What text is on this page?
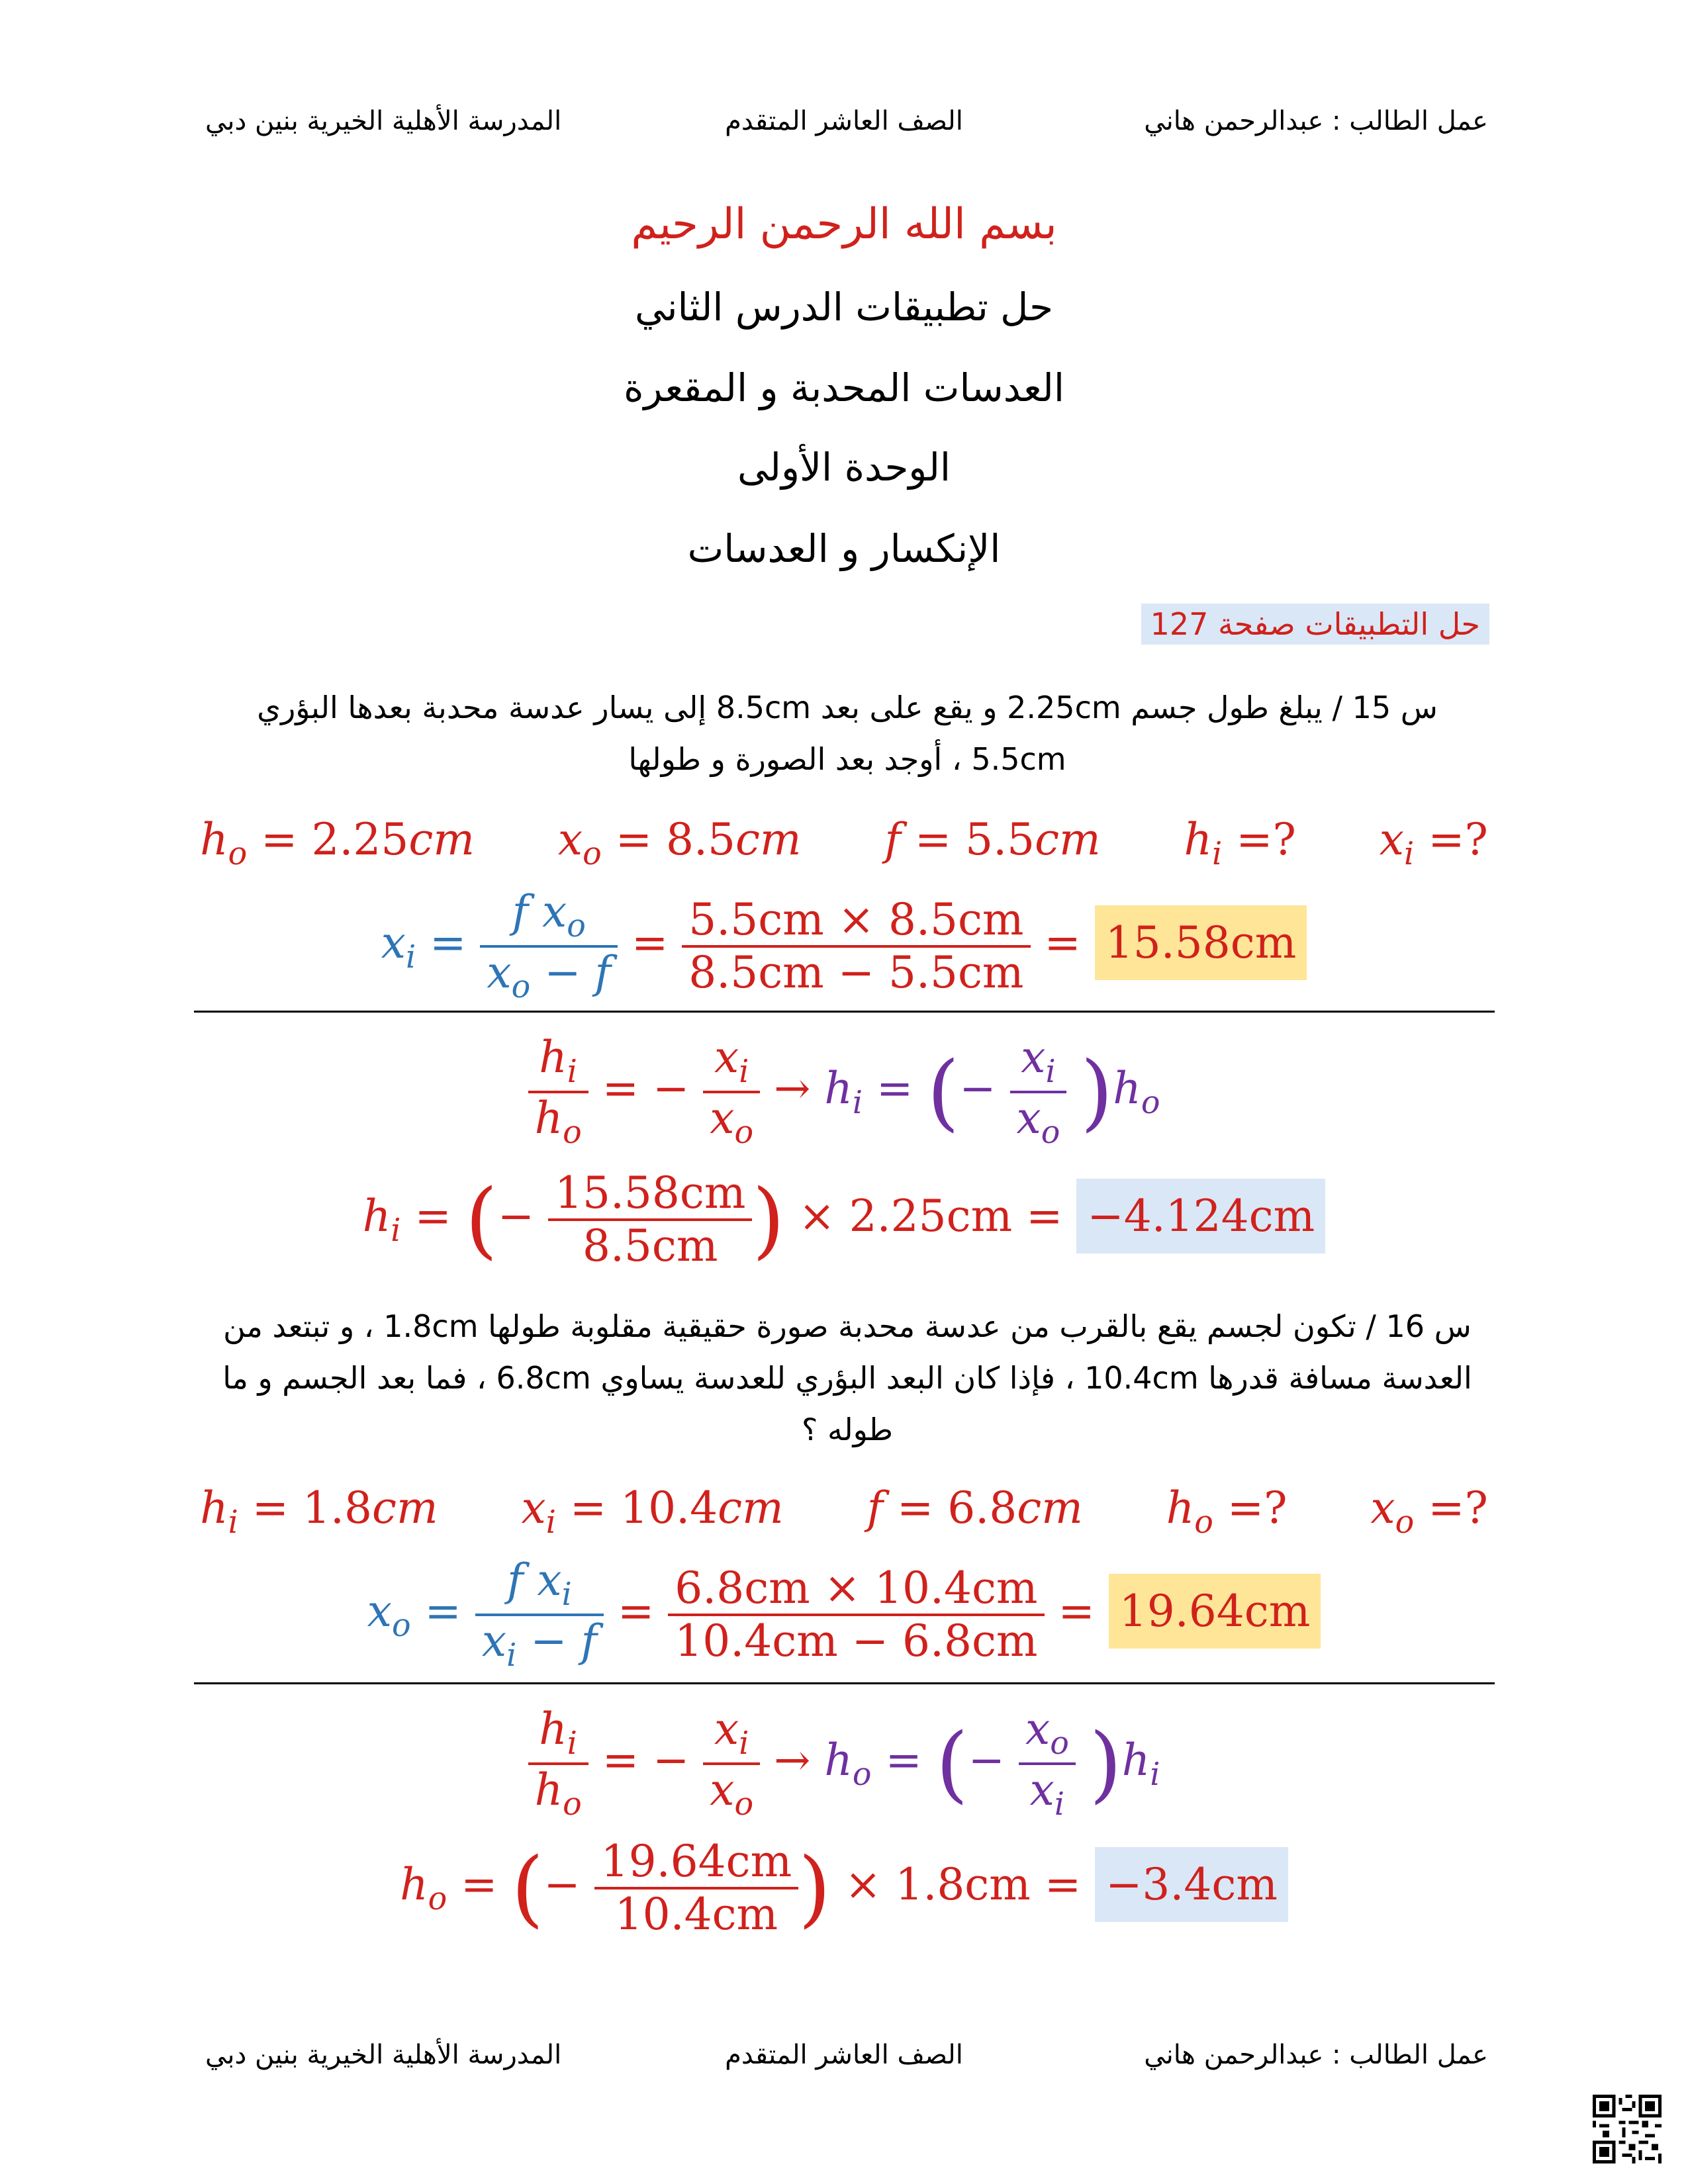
عمل الطالب : عبدالرحمن هاني
الصف العاشر المتقدم
المدرسة الأهلية الخيرية بنين دبي
بسم الله الرحمن الرحيم
حل تطبيقات الدرس الثاني
العدسات المحدبة و المقعرة
الوحدة الأولى
الإنكسار و العدسات
حل التطبيقات صفحة 127
س 15 / يبلغ طول جسم 2.25cm و يقع على بعد 8.5cm إلى يسار عدسة محدبة بعدها البؤري
5.5cm ، أوجد بعد الصورة و طولها
$h_o = 2.25cm$ $x_o = 8.5cm$ f = 5.5cm $h_i$ =?      $x_i$ =?
$x_i = \frac{f x_o}{x_o - f} = \frac{5.5cm \times 8.5cm}{8.5cm - 5.5cm} = 15.58cm$
$\frac{h_i}{h_o}$ = − $\frac{x_i}{x_o} \to h_i$ = (− $\frac{x_i}{x_o} )h_o$
$h_i$ = (− $\frac{15.58cm}{8.5cm}$ ) × 2.25cm = −4.124cm
س 16 / تكون لجسم يقع بالقرب من عدسة محدبة صورة حقيقية مقلوبة طولها 1.8cm ، و تبتعد من
العدسة مسافة قدرها 10.4cm ، فإذا كان البعد البؤري للعدسة يساوي 6.8cm ، فما بعد الجسم و ما
طوله ؟
$h_i = 1.8cm$ $x_i = 10.4cm$ f = 6.8cm $h_o$ =?      $x_o$ =?
$x_o = \frac{f x_i}{x_i - f} = \frac{6.8cm \times 10.4cm}{10.4cm - 6.8cm} = 19.64cm$
$\frac{h_i}{h_o}$ = − $\frac{x_i}{x_o} \to h_o$ = (− $\frac{x_o}{x_i} )h_i$
$h_o$ = (− $\frac{19.64cm}{10.4cm}$ ) × 1.8cm = −3.4cm
عمل الطالب : عبدالرحمن هاني
الصف العاشر المتقدم
المدرسة الأهلية الخيرية بنين دبي
